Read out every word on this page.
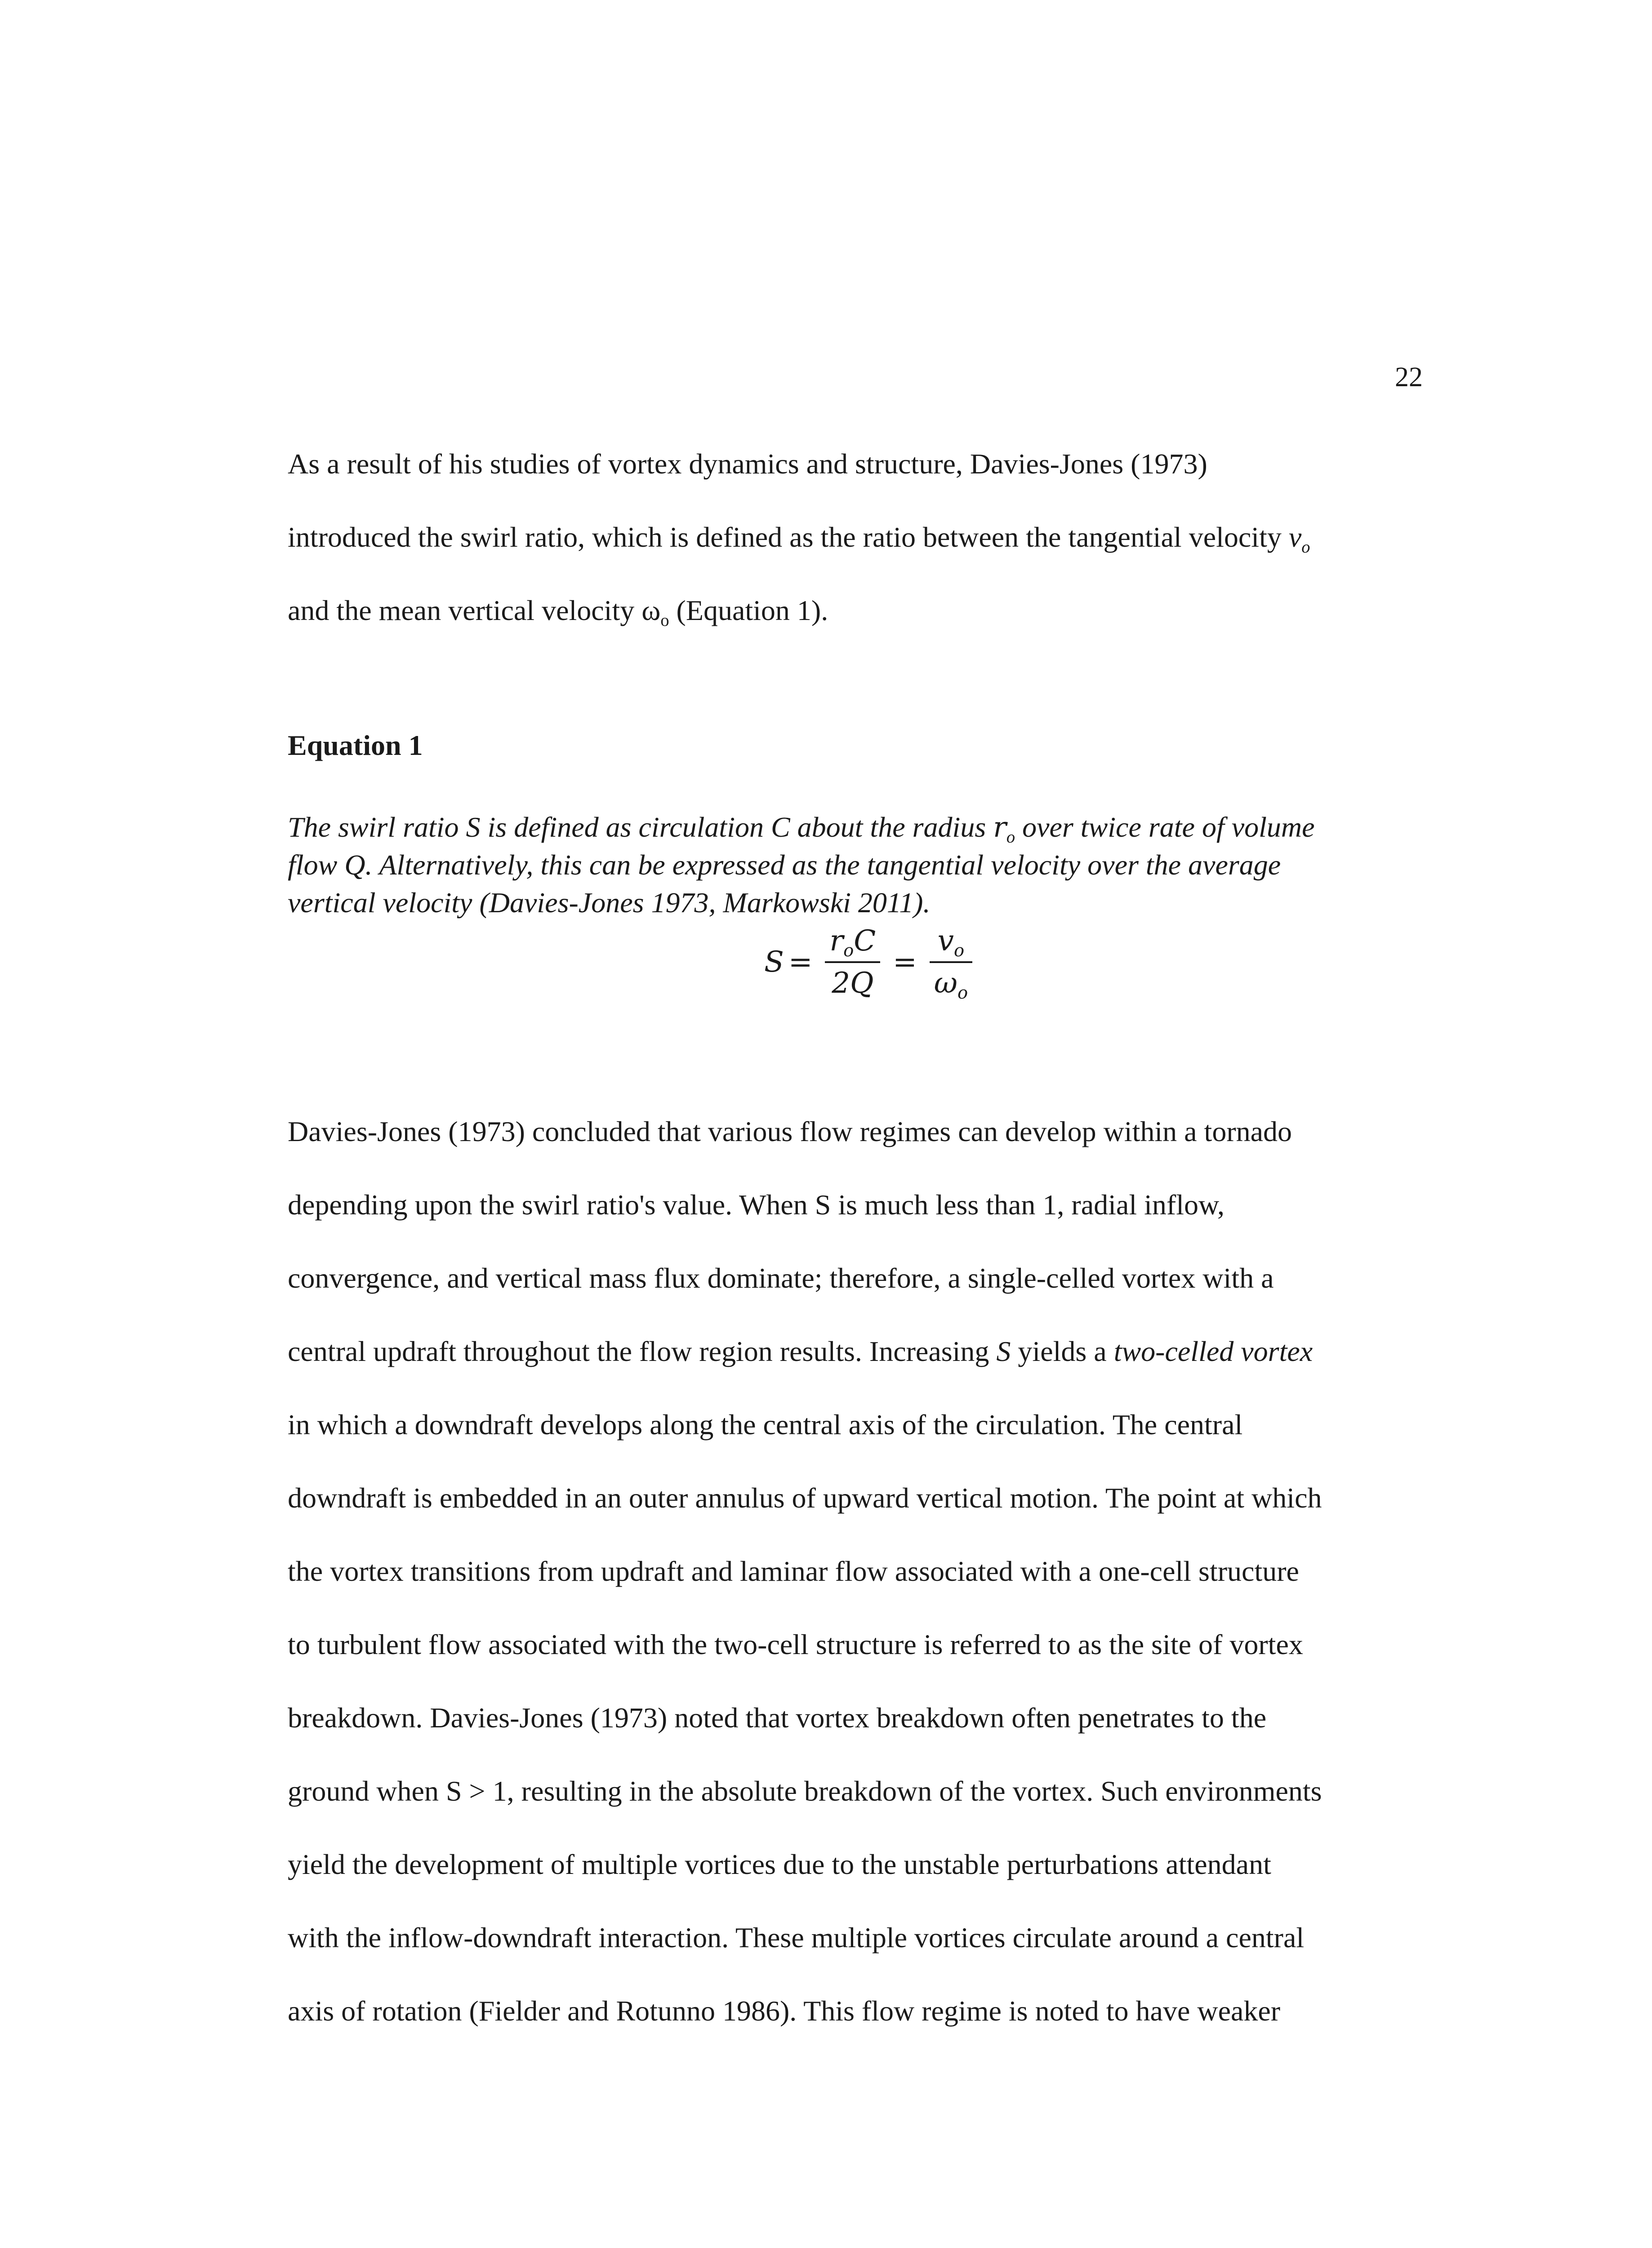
22
As a result of his studies of vortex dynamics and structure, Davies-Jones (1973)
introduced the swirl ratio, which is defined as the ratio between the tangential velocity $v_o$
and the mean vertical velocity $\omega_o$ (Equation 1).
Equation 1
The swirl ratio S is defined as circulation C about the radius $r_o$ over twice rate of volume
flow Q. Alternatively, this can be expressed as the tangential velocity over the average
vertical velocity (Davies-Jones 1973, Markowski 2011).
$S = \frac{r_oC}{2Q} = \frac{v_o}{\omega_o}$
Davies-Jones (1973) concluded that various flow regimes can develop within a tornado
depending upon the swirl ratio's value. When S is much less than 1, radial inflow,
convergence, and vertical mass flux dominate; therefore, a single-celled vortex with a
central updraft throughout the flow region results. Increasing S yields a two-celled vortex
in which a downdraft develops along the central axis of the circulation. The central
downdraft is embedded in an outer annulus of upward vertical motion. The point at which
the vortex transitions from updraft and laminar flow associated with a one-cell structure
to turbulent flow associated with the two-cell structure is referred to as the site of vortex
breakdown. Davies-Jones (1973) noted that vortex breakdown often penetrates to the
ground when S > 1, resulting in the absolute breakdown of the vortex. Such environments
yield the development of multiple vortices due to the unstable perturbations attendant
with the inflow-downdraft interaction. These multiple vortices circulate around a central
axis of rotation (Fielder and Rotunno 1986). This flow regime is noted to have weaker
